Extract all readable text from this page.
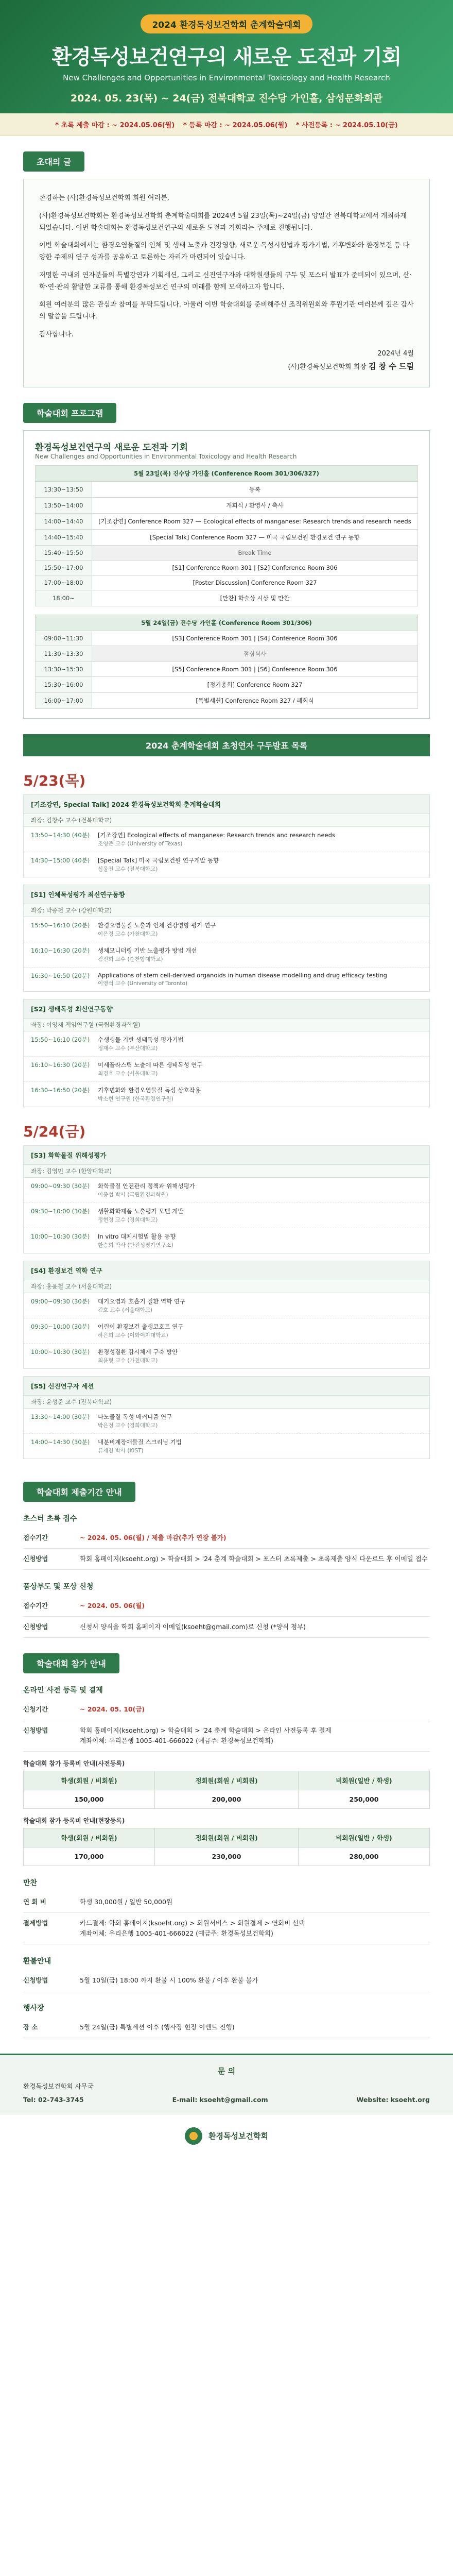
2024 환경독성보건학회 춘계학술대회
환경독성보건연구의 새로운 도전과 기회
New Challenges and Opportunities in Environmental Toxicology and Health Research
2024. 05. 23(목) ~ 24(금) 전북대학교 진수당 가인홀, 삼성문화회관
* 초록 제출 마감 : ~ 2024.05.06(월) * 등록 마감 : ~ 2024.05.06(월) * 사전등록 : ~ 2024.05.10(금)
초대의 글

존경하는 (사)환경독성보건학회 회원 여러분,

(사)환경독성보건학회는 환경독성보건학회 춘계학술대회를 2024년 5월 23일(목)~24일(금) 양일간 전북대학교에서 개최하게 되었습니다. 이번 학술대회는 환경독성보건연구의 새로운 도전과 기회라는 주제로 진행됩니다.

이번 학술대회에서는 환경오염물질의 인체 및 생태 노출과 건강영향, 새로운 독성시험법과 평가기법, 기후변화와 환경보건 등 다양한 주제의 연구 성과를 공유하고 토론하는 자리가 마련되어 있습니다.

저명한 국내외 연자분들의 특별강연과 기획세션, 그리고 신진연구자와 대학원생들의 구두 및 포스터 발표가 준비되어 있으며, 산·학·연·관의 활발한 교류를 통해 환경독성보건 연구의 미래를 함께 모색하고자 합니다.

회원 여러분의 많은 관심과 참여를 부탁드립니다. 아울러 이번 학술대회를 준비해주신 조직위원회와 후원기관 여러분께 깊은 감사의 말씀을 드립니다.

감사합니다.

2024년 4월
(사)환경독성보건학회 회장 김 창 수 드림
학술대회 프로그램
환경독성보건연구의 새로운 도전과 기회
New Challenges and Opportunities in Environmental Toxicology and Health Research
5월 23일(목) 진수당 가인홀 (Conference Room 301/306/327)	
13:30~13:50	등록
13:50~14:00	개회식 / 환영사 / 축사
14:00~14:40	[기조강연] Conference Room 327 — Ecological effects of manganese: Research trends and research needs
14:40~15:40	[Special Talk] Conference Room 327 — 미국 국립보건원 환경보건 연구 동향
15:40~15:50	Break Time
15:50~17:00	[S1] Conference Room 301 | [S2] Conference Room 306
17:00~18:00	[Poster Discussion] Conference Room 327
18:00~	[만찬] 학술상 시상 및 만찬
5월 24일(금) 진수당 가인홀 (Conference Room 301/306)	
09:00~11:30	[S3] Conference Room 301 | [S4] Conference Room 306
11:30~13:30	점심식사
13:30~15:30	[S5] Conference Room 301 | [S6] Conference Room 306
15:30~16:00	[정기총회] Conference Room 327
16:00~17:00	[특별세션] Conference Room 327 / 폐회식
2024 춘계학술대회 초청연자 구두발표 목록
5/23(목)
[기조강연, Special Talk] 2024 환경독성보건학회 춘계학술대회
좌장: 김창수 교수 (전북대학교)
13:50~14:30 (40분)	[기조강연] Ecological effects of manganese: Research trends and research needs
조영준 교수 (University of Texas)
14:30~15:00 (40분)	[Special Talk] 미국 국립보건원 연구개발 동향
심윤진 교수 (전북대학교)
[S1] 인체독성평가 최신연구동향
좌장: 박종천 교수 (강원대학교)
15:50~16:10 (20분)	환경오염물질 노출과 인체 건강영향 평가 연구
이은정 교수 (가천대학교)
16:10~16:30 (20분)	생체모니터링 기반 노출평가 방법 개선
김진희 교수 (순천향대학교)
16:30~16:50 (20분)	Applications of stem cell-derived organoids in human disease modelling and drug efficacy testing
이영석 교수 (University of Toronto)
[S2] 생태독성 최신연구동향
좌장: 이영재 책임연구원 (국립환경과학원)
15:50~16:10 (20분)	수생생물 기반 생태독성 평가기법
정재수 교수 (부산대학교)
16:10~16:30 (20분)	미세플라스틱 노출에 따른 생태독성 연구
최경호 교수 (서울대학교)
16:30~16:50 (20분)	기후변화와 환경오염물질 독성 상호작용
박소현 연구원 (한국환경연구원)
5/24(금)
[S3] 화학물질 위해성평가
좌장: 김영민 교수 (한양대학교)
09:00~09:30 (30분)	화학물질 안전관리 정책과 위해성평가
이종섭 박사 (국립환경과학원)
09:30~10:00 (30분)	생활화학제품 노출평가 모델 개발
정현경 교수 (경희대학교)
10:00~10:30 (30분)	In vitro 대체시험법 활용 동향
한승희 박사 (안전성평가연구소)
[S4] 환경보건 역학 연구
좌장: 홍윤철 교수 (서울대학교)
09:00~09:30 (30분)	대기오염과 호흡기 질환 역학 연구
김호 교수 (서울대학교)
09:30~10:00 (30분)	어린이 환경보건 출생코호트 연구
하은희 교수 (이화여자대학교)
10:00~10:30 (30분)	환경성질환 감시체계 구축 방안
최윤형 교수 (가천대학교)
[S5] 신진연구자 세션
좌장: 윤성준 교수 (전북대학교)
13:30~14:00 (30분)	나노물질 독성 메커니즘 연구
박은정 교수 (경희대학교)
14:00~14:30 (30분)	내분비계장애물질 스크리닝 기법
류재천 박사 (KIST)
학술대회 제출기간 안내
초스터 초록 접수
접수기간	~ 2024. 05. 06(월) / 제출 마감(추가 연장 불가)
신청방법	학회 홈페이지(ksoeht.org) > 학술대회 > '24 춘계 학술대회 > 포스터 초록제출 > 초록제출 양식 다운로드 후 이메일 접수
품상부도 및 포상 신청
접수기간	~ 2024. 05. 06(월)
신청방법	신청서 양식을 학회 홈페이지 이메일(ksoeht@gmail.com)로 신청 (*양식 첨부)
학술대회 참가 안내
온라인 사전 등록 및 결제
신청기간	~ 2024. 05. 10(금)
신청방법	학회 홈페이지(ksoeht.org) > 학술대회 > '24 춘계 학술대회 > 온라인 사전등록 후 결제
계좌이체: 우리은행 1005-401-666022 (예금주: 환경독성보건학회)
학술대회 참가 등록비 안내(사전등록)
학생(회원 / 비회원)	정회원(회원 / 비회원)	비회원(일반 / 학생)
150,000	200,000	250,000
학술대회 참가 등록비 안내(현장등록)
학생(회원 / 비회원)	정회원(회원 / 비회원)	비회원(일반 / 학생)
170,000	230,000	280,000
만찬
연 회 비	학생 30,000원 / 일반 50,000원
결제방법	카드결제: 학회 홈페이지(ksoeht.org) > 회원서비스 > 회원결제 > 연회비 선택
계좌이체: 우리은행 1005-401-666022 (예금주: 환경독성보건학회)
환불안내
신청방법	5월 10일(금) 18:00 까지 환불 시 100% 환불 / 이후 환불 불가
행사장
장 소	5월 24일(금) 특별세션 이후 (행사장 현장 이벤트 진행)
문 의
환경독성보건학회 사무국
Tel: 02-743-3745	E-mail: ksoeht@gmail.com	Website: ksoeht.org
환경독성보건학회
